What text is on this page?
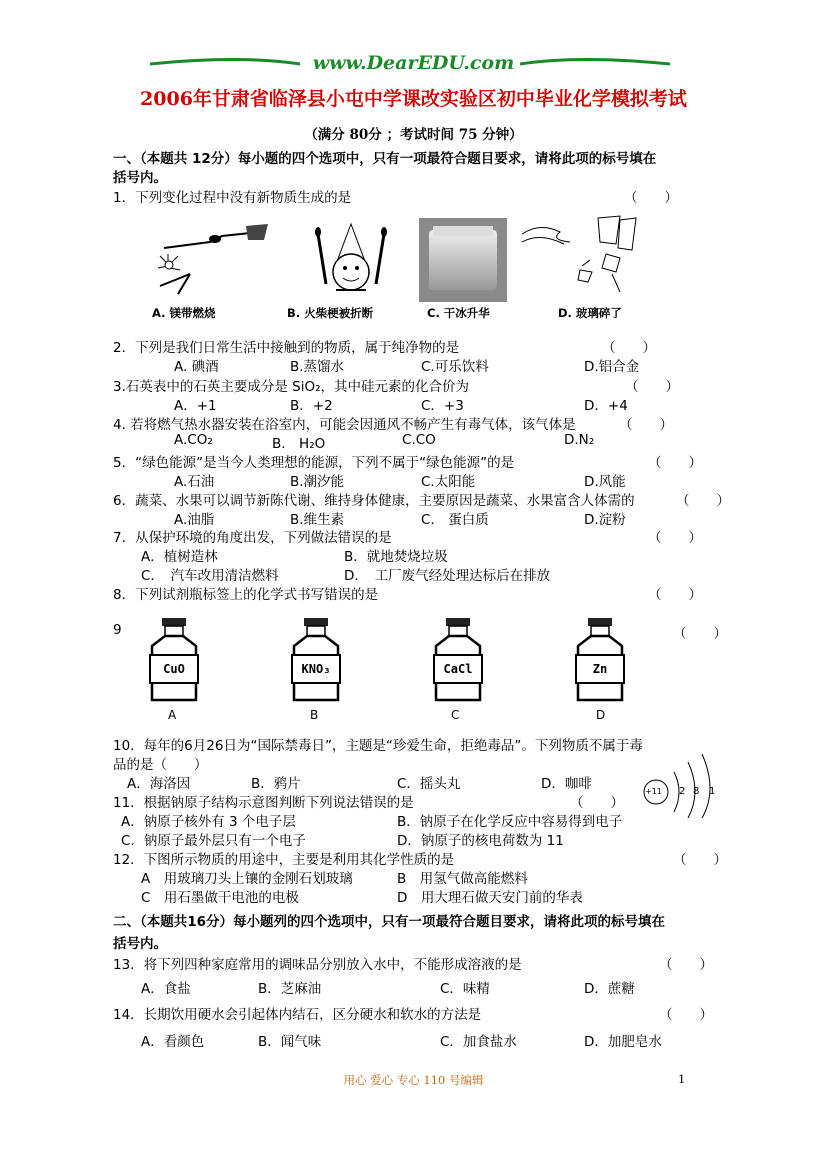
www.DearEDU.com
2006年甘肃省临泽县小屯中学课改实验区初中毕业化学模拟考试
（满分 80分 ；考试时间 75 分钟）
一、（本题共 12分）每小题的四个选项中，只有一项最符合题目要求，请将此项的标号填在
括号内。
1．下列变化过程中没有新物质生成的是	（　　）
A. 镁带燃烧	B. 火柴梗被折断	C. 干冰升华	D. 玻璃碎了
2．下列是我们日常生活中接触到的物质，属于纯净物的是	（　　）
A. 碘酒	B.蒸馏水	C.可乐饮料	D.铝合金
3.石英表中的石英主要成分是 SiO₂，其中硅元素的化合价为	（　　）
A．+1	B．+2	C．+3	D．+4
4. 若将燃气热水器安装在浴室内，可能会因通风不畅产生有毒气体，该气体是	（　　）
A.CO₂	B.　H₂O	C.CO	D.N₂
5．“绿色能源”是当今人类理想的能源，下列不属于“绿色能源”的是	（　　）
A.石油	B.潮汐能	C.太阳能	D.风能
6．蔬菜、水果可以调节新陈代谢、维持身体健康，主要原因是蔬菜、水果富含人体需的	（　　）
A.油脂	B.维生素	C.　蛋白质	D.淀粉
7．从保护环境的角度出发，下列做法错误的是	（　　）
A．植树造林	B．就地焚烧垃圾
C．　汽车改用清洁燃料	D．　工厂废气经处理达标后在排放
8．下列试剂瓶标签上的化学式书写错误的是	（　　）
9	（　　）
CuO	KNO₃	CaCl	Zn
A	B	C	D
10．每年的6月26日为“国际禁毒日”，主题是“珍爱生命，拒绝毒品”。下列物质不属于毒
品的是（　　）
A．海洛因	B．鸦片	C．摇头丸	D．咖啡	+11 2 8 1
11．根据钠原子结构示意图判断下列说法错误的是	（　　）
A．钠原子核外有 3 个电子层	B．钠原子在化学反应中容易得到电子
C．钠原子最外层只有一个电子	D．钠原子的核电荷数为 11
12．下图所示物质的用途中，主要是利用其化学性质的是	（　　）
A　用玻璃刀头上镶的金刚石划玻璃	B　用氢气做高能燃料
C　用石墨做干电池的电极	D　用大理石做天安门前的华表
二、（本题共16分）每小题列的四个选项中，只有一项最符合题目要求，请将此项的标号填在
括号内。
13．将下列四种家庭常用的调味品分别放入水中，不能形成溶液的是	（　　）
A．食盐	B．芝麻油	C．味精	D．蔗糖
14．长期饮用硬水会引起体内结石，区分硬水和软水的方法是	（　　）
A．看颜色	B．闻气味	C．加食盐水	D．加肥皂水
用心 爱心 专心 110 号编辑	1
